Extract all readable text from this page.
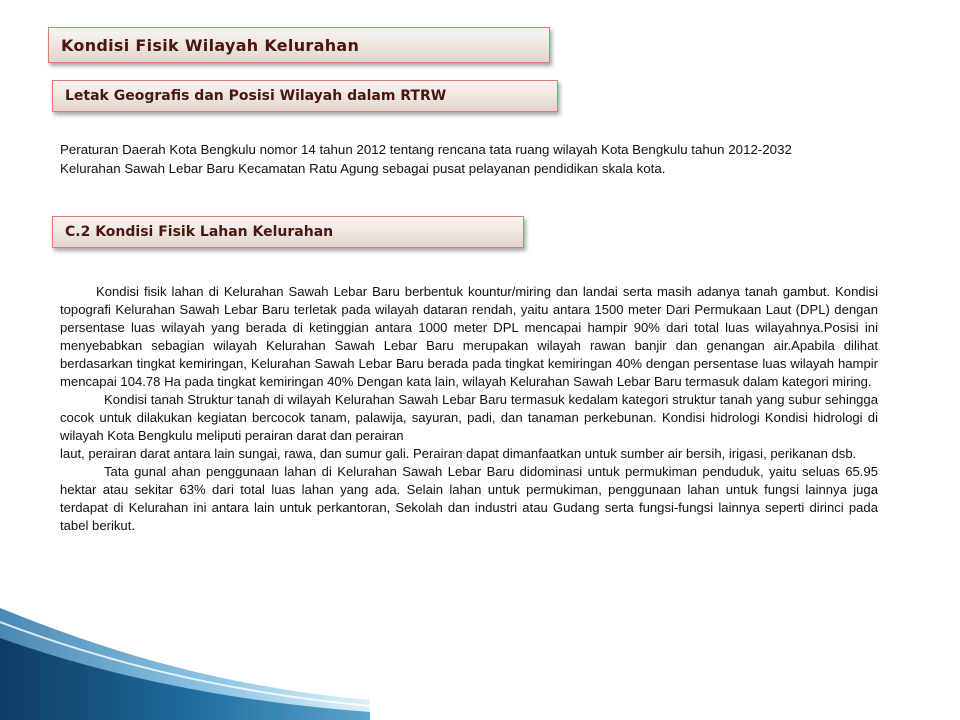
Kondisi Fisik Wilayah Kelurahan
Letak Geografis dan Posisi Wilayah dalam RTRW

Peraturan Daerah Kota Bengkulu nomor 14 tahun 2012 tentang rencana tata ruang wilayah Kota Bengkulu tahun 2012-2032 Kelurahan Sawah Lebar Baru Kecamatan Ratu Agung sebagai pusat pelayanan pendidikan skala kota.

C.2 Kondisi Fisik Lahan Kelurahan

Kondisi fisik lahan di Kelurahan Sawah Lebar Baru berbentuk kountur/miring dan landai serta masih adanya tanah gambut. Kondisi topografi Kelurahan Sawah Lebar Baru terletak pada wilayah dataran rendah, yaitu antara 1500 meter Dari Permukaan Laut (DPL) dengan persentase luas wilayah yang berada di ketinggian antara 1000 meter DPL mencapai hampir 90% dari total luas wilayahnya.Posisi ini menyebabkan sebagian wilayah Kelurahan Sawah Lebar Baru merupakan wilayah rawan banjir dan genangan air.Apabila dilihat berdasarkan tingkat kemiringan, Kelurahan Sawah Lebar Baru berada pada tingkat kemiringan 40% dengan persentase luas wilayah hampir mencapai 104.78 Ha pada tingkat kemiringan 40% Dengan kata lain, wilayah Kelurahan Sawah Lebar Baru termasuk dalam kategori miring.

Kondisi tanah Struktur tanah di wilayah Kelurahan Sawah Lebar Baru termasuk kedalam kategori struktur tanah yang subur sehingga cocok untuk dilakukan kegiatan bercocok tanam, palawija, sayuran, padi, dan tanaman perkebunan. Kondisi hidrologi Kondisi hidrologi di wilayah Kota Bengkulu meliputi perairan darat dan perairan

laut, perairan darat antara lain sungai, rawa, dan sumur gali. Perairan dapat dimanfaatkan untuk sumber air bersih, irigasi, perikanan dsb.

Tata gunal ahan penggunaan lahan di Kelurahan Sawah Lebar Baru didominasi untuk permukiman penduduk, yaitu seluas 65.95 hektar atau sekitar 63% dari total luas lahan yang ada. Selain lahan untuk permukiman, penggunaan lahan untuk fungsi lainnya juga terdapat di Kelurahan ini antara lain untuk perkantoran, Sekolah dan industri atau Gudang serta fungsi-fungsi lainnya seperti dirinci pada tabel berikut.
